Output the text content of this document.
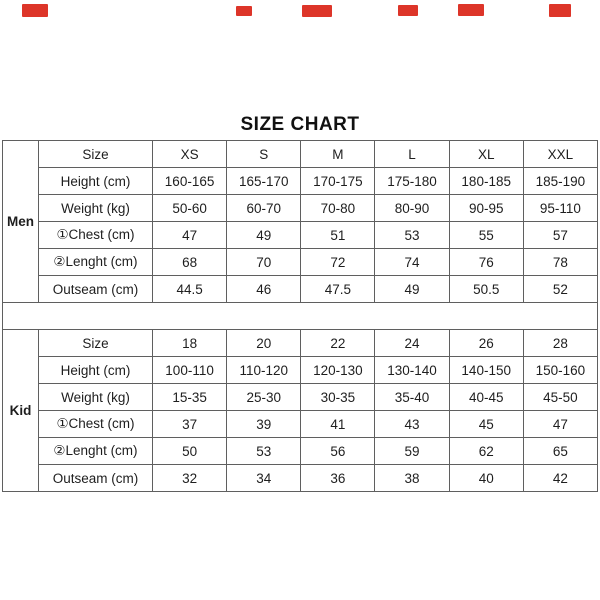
SIZE CHART
Men	Size	XS	S	M	L	XL	XXL
	Height (cm)	160-165	165-170	170-175	175-180	180-185	185-190
	Weight (kg)	50-60	60-70	70-80	80-90	90-95	95-110
	①Chest (cm)	47	49	51	53	55	57
	②Lenght (cm)	68	70	72	74	76	78
	Outseam (cm)	44.5	46	47.5	49	50.5	52

Kid	Size	18	20	22	24	26	28
	Height (cm)	100-110	110-120	120-130	130-140	140-150	150-160
	Weight (kg)	15-35	25-30	30-35	35-40	40-45	45-50
	①Chest (cm)	37	39	41	43	45	47
	②Lenght (cm)	50	53	56	59	62	65
	Outseam (cm)	32	34	36	38	40	42
